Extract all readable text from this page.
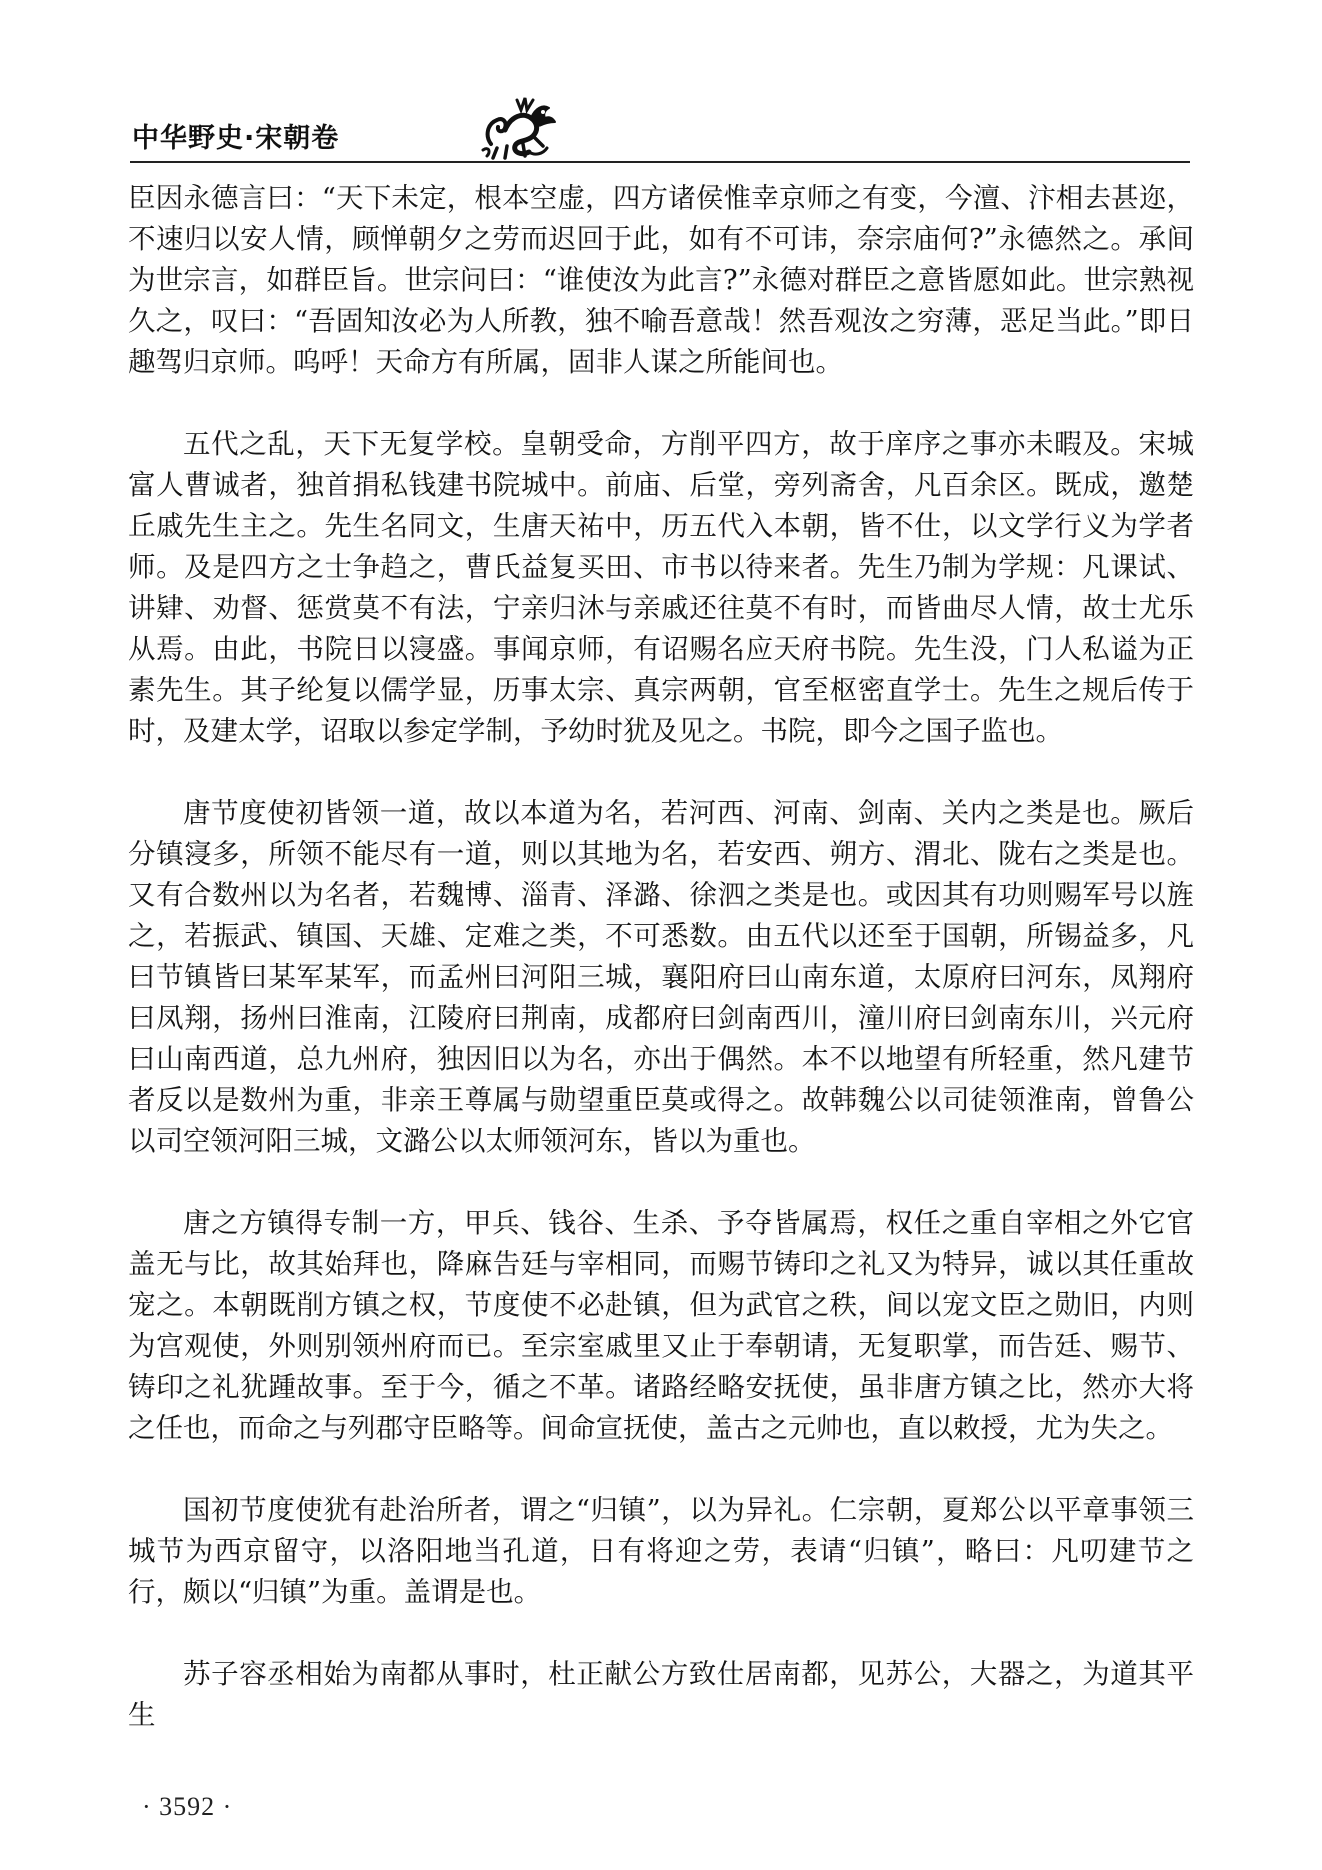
中华野史·宋朝卷

臣因永德言曰：“天下未定，根本空虚，四方诸侯惟幸京师之有变，今澶、汴相去甚迩，不速归以安人情，顾惮朝夕之劳而迟回于此，如有不可讳，奈宗庙何?”永德然之。承间为世宗言，如群臣旨。世宗问曰：“谁使汝为此言?”永德对群臣之意皆愿如此。世宗熟视久之，叹曰：“吾固知汝必为人所教，独不喻吾意哉！然吾观汝之穷薄，恶足当此。”即日趣驾归京师。呜呼！天命方有所属，固非人谋之所能间也。

五代之乱，天下无复学校。皇朝受命，方削平四方，故于庠序之事亦未暇及。宋城富人曹诚者，独首捐私钱建书院城中。前庙、后堂，旁列斋舍，凡百余区。既成，邀楚丘戚先生主之。先生名同文，生唐天祐中，历五代入本朝，皆不仕，以文学行义为学者师。及是四方之士争趋之，曹氏益复买田、市书以待来者。先生乃制为学规：凡课试、讲肄、劝督、惩赏莫不有法，宁亲归沐与亲戚还往莫不有时，而皆曲尽人情，故士尤乐从焉。由此，书院日以寖盛。事闻京师，有诏赐名应天府书院。先生没，门人私谥为正素先生。其子纶复以儒学显，历事太宗、真宗两朝，官至枢密直学士。先生之规后传于时，及建太学，诏取以参定学制，予幼时犹及见之。书院，即今之国子监也。

唐节度使初皆领一道，故以本道为名，若河西、河南、剑南、关内之类是也。厥后分镇寖多，所领不能尽有一道，则以其地为名，若安西、朔方、渭北、陇右之类是也。又有合数州以为名者，若魏博、淄青、泽潞、徐泗之类是也。或因其有功则赐军号以旌之，若振武、镇国、天雄、定难之类，不可悉数。由五代以还至于国朝，所锡益多，凡曰节镇皆曰某军某军，而孟州曰河阳三城，襄阳府曰山南东道，太原府曰河东，凤翔府曰凤翔，扬州曰淮南，江陵府曰荆南，成都府曰剑南西川，潼川府曰剑南东川，兴元府曰山南西道，总九州府，独因旧以为名，亦出于偶然。本不以地望有所轻重，然凡建节者反以是数州为重，非亲王尊属与勋望重臣莫或得之。故韩魏公以司徒领淮南，曾鲁公以司空领河阳三城，文潞公以太师领河东，皆以为重也。

唐之方镇得专制一方，甲兵、钱谷、生杀、予夺皆属焉，权任之重自宰相之外它官盖无与比，故其始拜也，降麻告廷与宰相同，而赐节铸印之礼又为特异，诚以其任重故宠之。本朝既削方镇之权，节度使不必赴镇，但为武官之秩，间以宠文臣之勋旧，内则为宫观使，外则别领州府而已。至宗室戚里又止于奉朝请，无复职掌，而告廷、赐节、铸印之礼犹踵故事。至于今，循之不革。诸路经略安抚使，虽非唐方镇之比，然亦大将之任也，而命之与列郡守臣略等。间命宣抚使，盖古之元帅也，直以敕授，尤为失之。

国初节度使犹有赴治所者，谓之“归镇”，以为异礼。仁宗朝，夏郑公以平章事领三城节为西京留守，以洛阳地当孔道，日有将迎之劳，表请“归镇”，略曰：凡叨建节之行，颇以“归镇”为重。盖谓是也。

苏子容丞相始为南都从事时，杜正献公方致仕居南都，见苏公，大器之，为道其平生

· 3592 ·
